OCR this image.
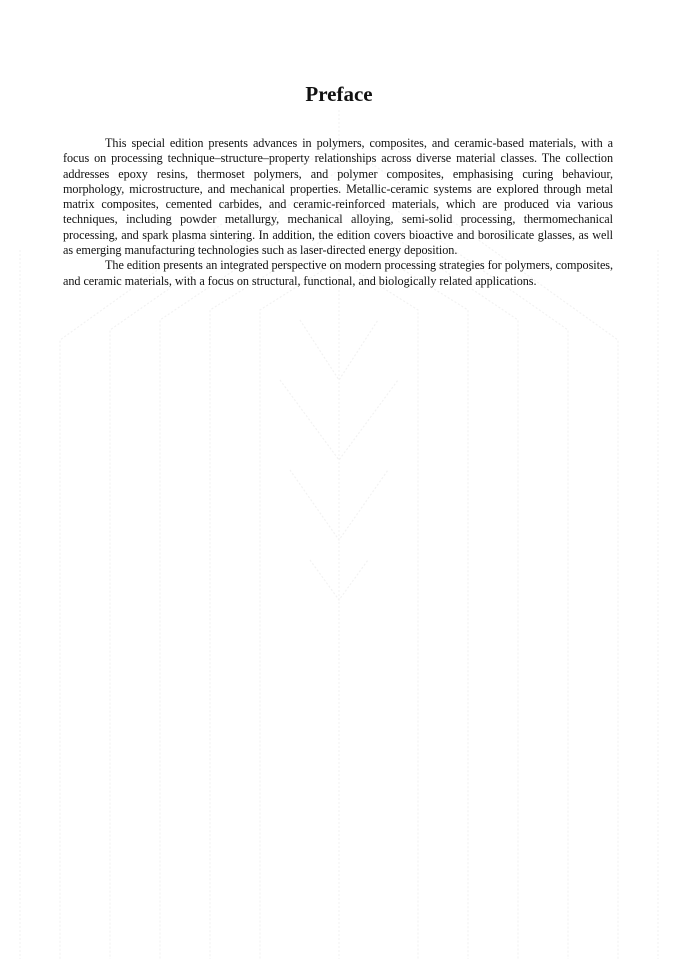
Preface

This special edition presents advances in polymers, composites, and ceramic-based materials, with a focus on processing technique–structure–property relationships across diverse material classes. The collection addresses epoxy resins, thermoset polymers, and polymer composites, emphasising curing behaviour, morphology, microstructure, and mechanical properties. Metallic-ceramic systems are explored through metal matrix composites, cemented carbides, and ceramic-reinforced materials, which are produced via various techniques, including powder metallurgy, mechanical alloying, semi-solid processing, thermomechanical processing, and spark plasma sintering. In addition, the edition covers bioactive and borosilicate glasses, as well as emerging manufacturing technologies such as laser-directed energy deposition.

The edition presents an integrated perspective on modern processing strategies for polymers, composites, and ceramic materials, with a focus on structural, functional, and biologically related applications.
